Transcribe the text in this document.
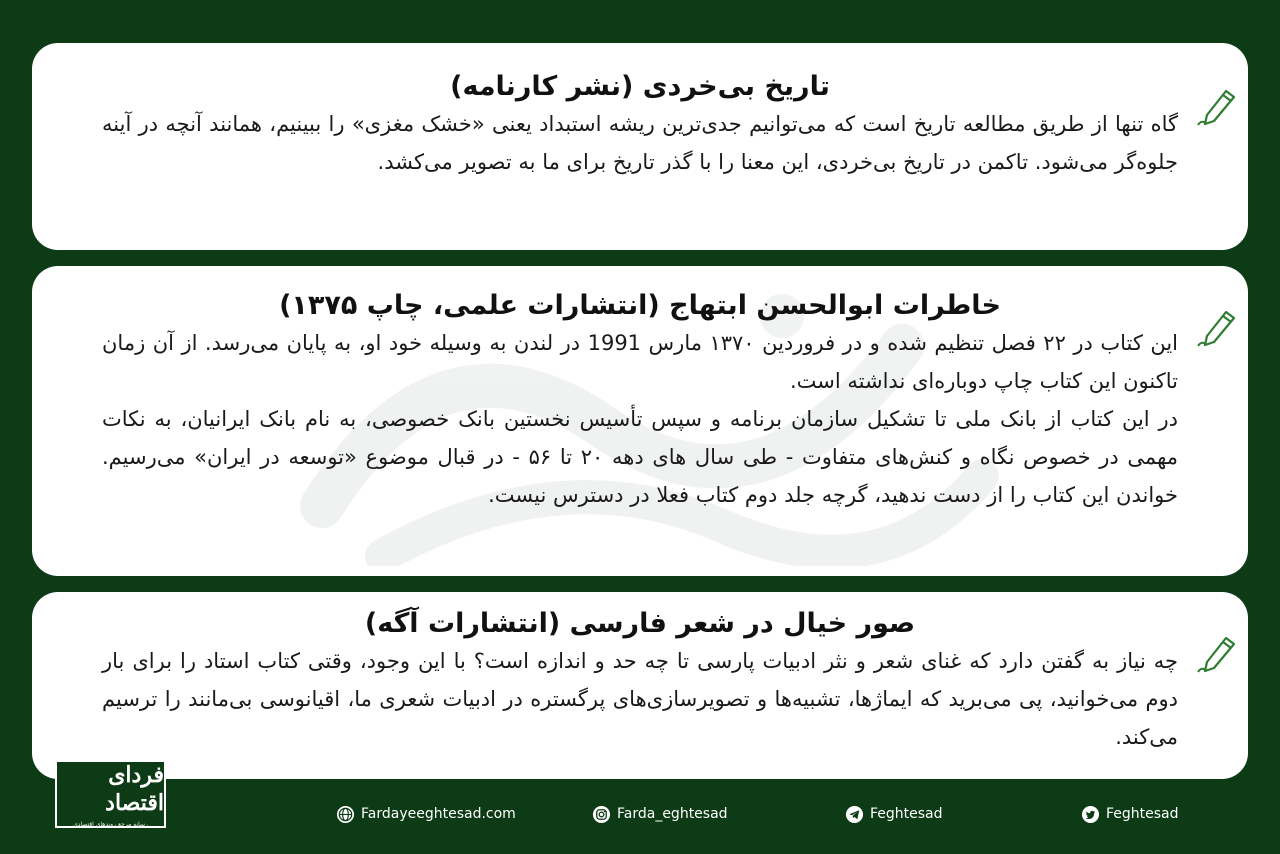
تاریخ بی‌خردی (نشر کارنامه)

گاه تنها از طریق مطالعه تاریخ است که می‌توانیم جدی‌ترین ریشه استبداد یعنی «خشک مغزی» را ببینیم، همانند آنچه در آینه جلوه‌گر می‌شود. تاکمن در تاریخ بی‌خردی، این معنا را با گذر تاریخ برای ما به تصویر می‌کشد.

خاطرات ابوالحسن ابتهاج (انتشارات علمی، چاپ ۱۳۷۵)

این کتاب در ۲۲ فصل تنظیم شده و در فروردین ۱۳۷۰ مارس 1991 در لندن به وسیله خود او، به پایان می‌رسد. از آن زمان تاکنون این کتاب چاپ دوباره‌ای نداشته است.

در این کتاب از بانک ملی تا تشکیل سازمان برنامه و سپس تأسیس نخستین بانک خصوصی، به نام بانک ایرانیان، به نکات مهمی در خصوص نگاه و کنش‌های متفاوت - طی سال های دهه ۲۰ تا ۵۶ - در قبال موضوع «توسعه در ایران» می‌رسیم. خواندن این کتاب را از دست ندهید، گرچه جلد دوم کتاب فعلا در دسترس نیست.

صور خیال در شعر فارسی (انتشارات آگه)

چه نیاز به گفتن دارد که غنای شعر و نثر ادبیات پارسی تا چه حد و اندازه است؟ با این وجود، وقتی کتاب استاد را برای بار دوم می‌خوانید، پی می‌برید که ایماژها، تشبیه‌ها و تصویرسازی‌های پرگستره در ادبیات شعری ما، اقیانوسی بی‌مانند را ترسیم می‌کند.

فردای اقتصاد
رسانه مرجع روندهای اقتصادی
Fardayeeghtesad.com	Farda_eghtesad	Feghtesad	Feghtesad
